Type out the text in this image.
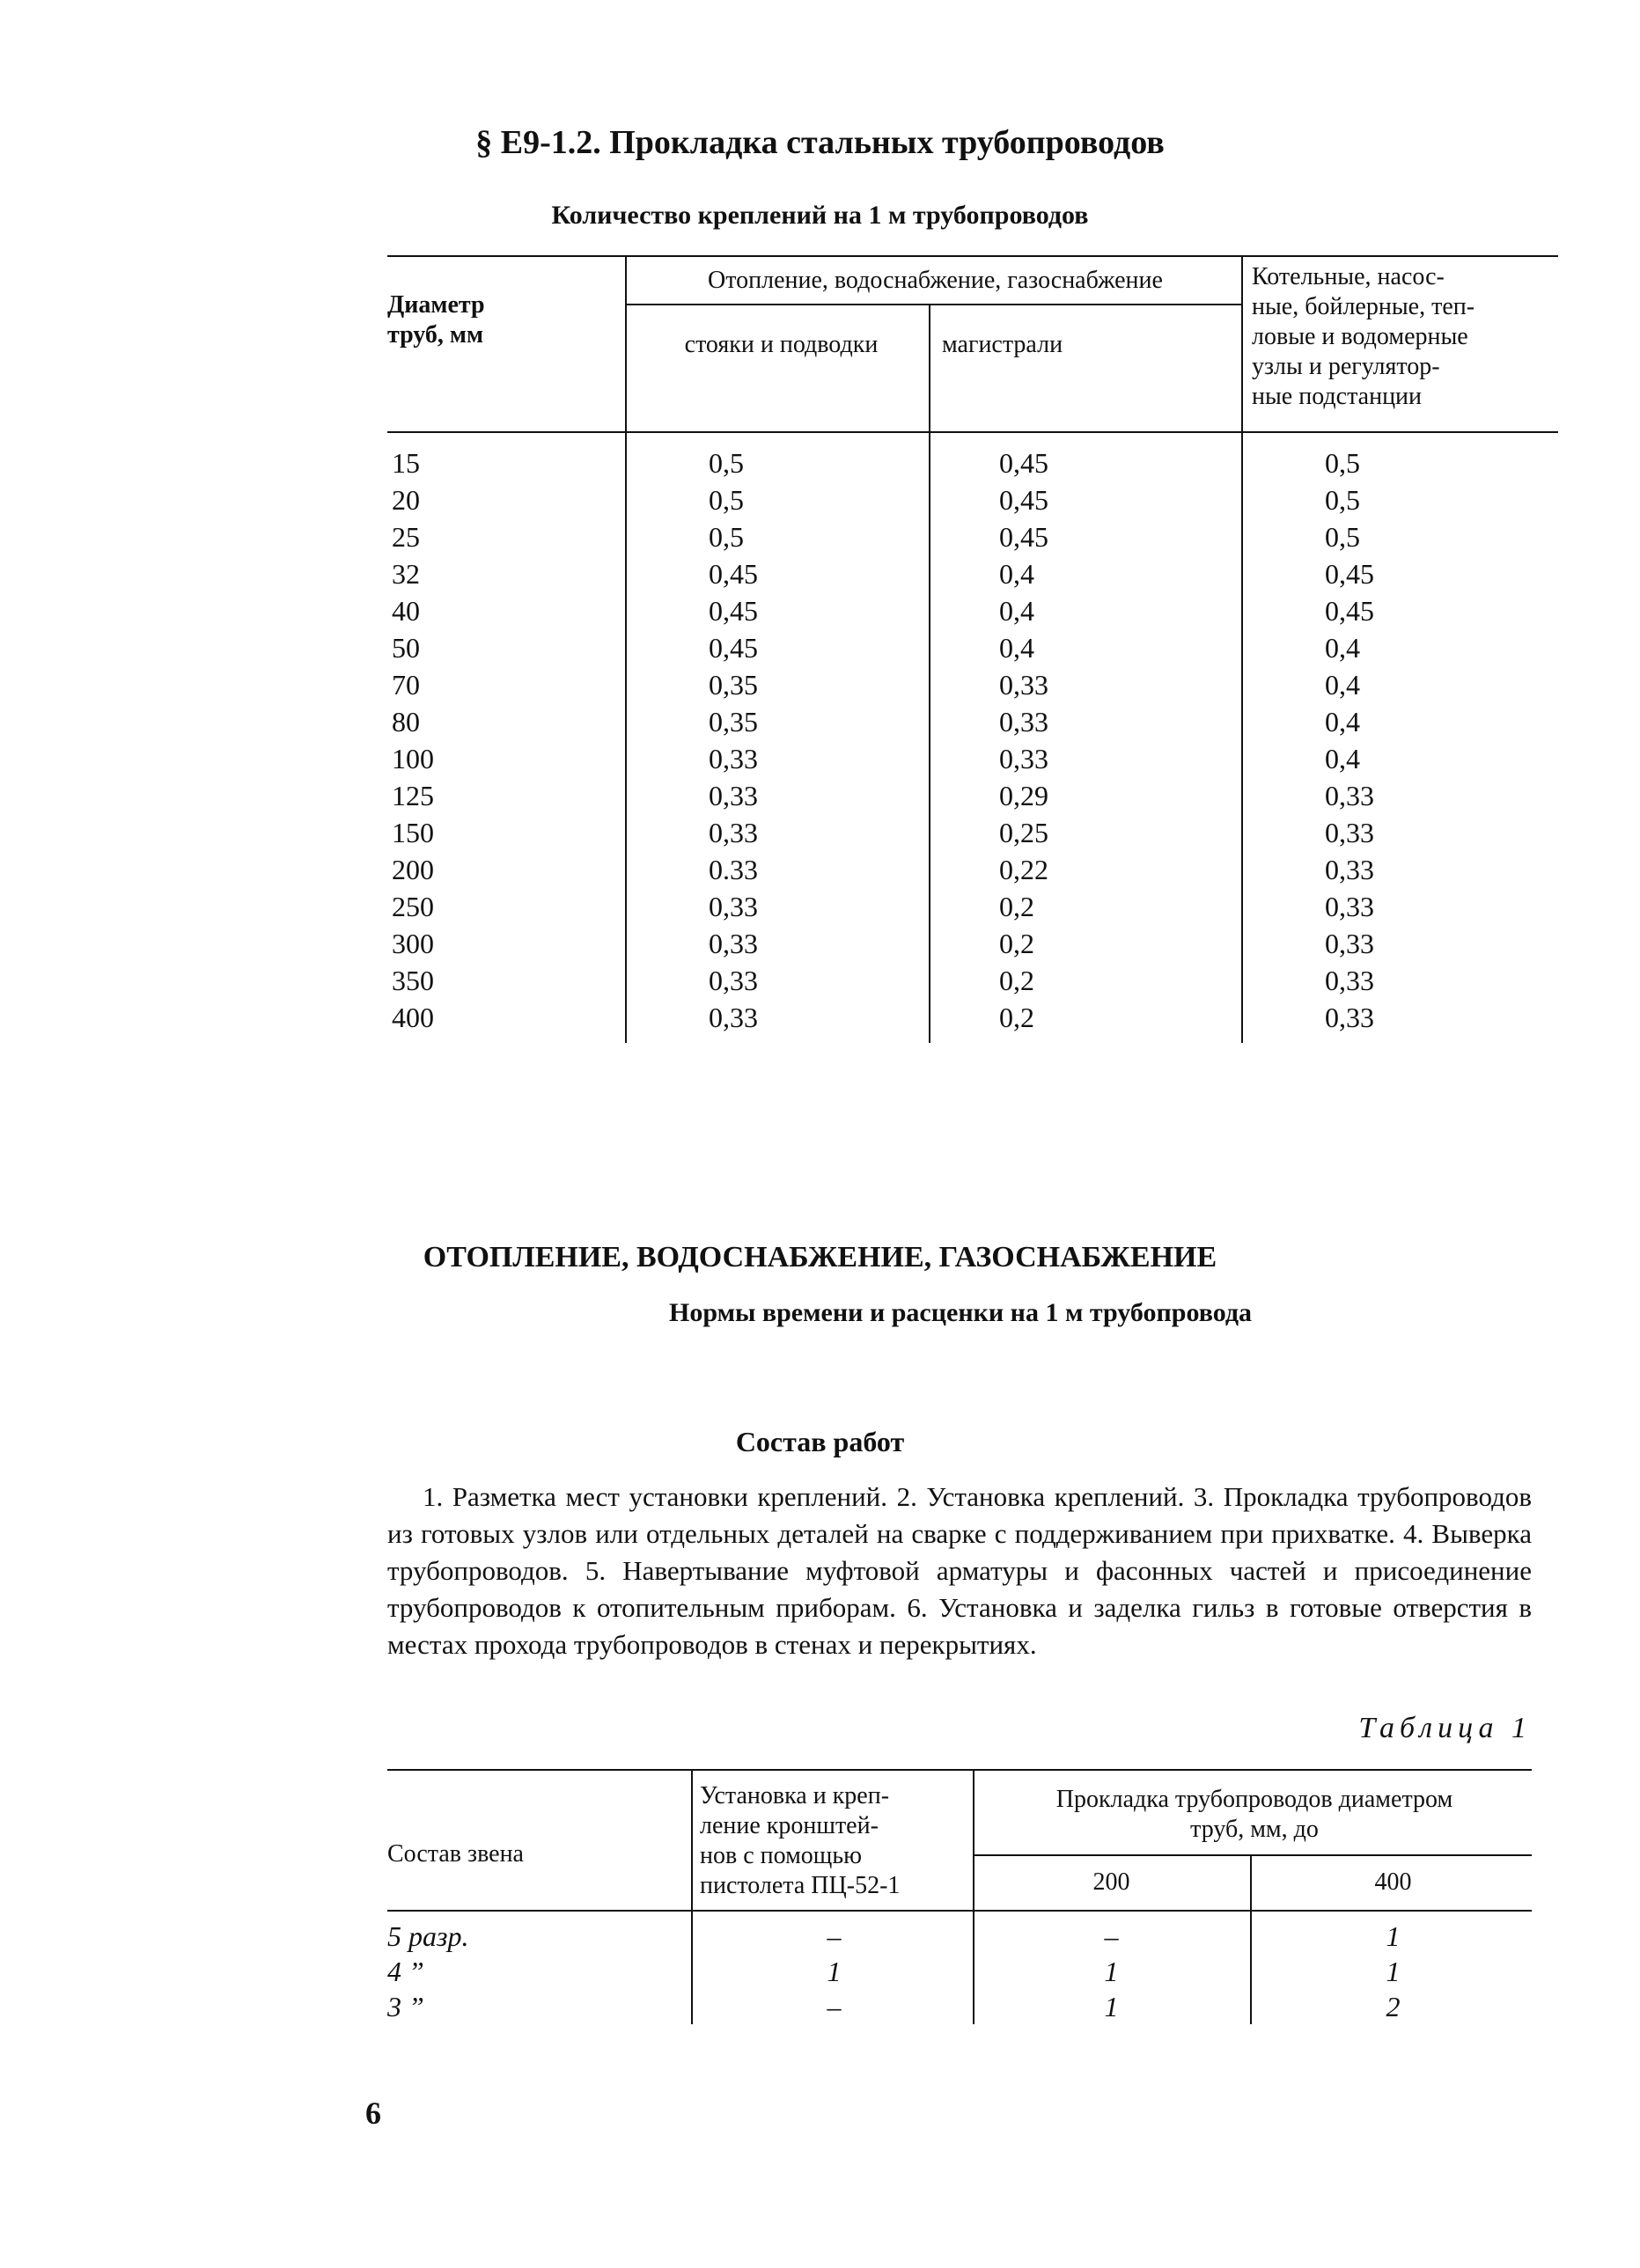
§ Е9-1.2. Прокладка стальных трубопроводов
Количество креплений на 1 м трубопроводов
Диаметр
труб, мм
Отопление, водоснабжение, газоснабжение
стояки и подводки	магистрали
Котельные, насос-
ные, бойлерные, теп-
ловые и водомерные
узлы и регулятор-
ные подстанции
15	0,5	0,45	0,5
20	0,5	0,45	0,5
25	0,5	0,45	0,5
32	0,45	0,4	0,45
40	0,45	0,4	0,45
50	0,45	0,4	0,4
70	0,35	0,33	0,4
80	0,35	0,33	0,4
100	0,33	0,33	0,4
125	0,33	0,29	0,33
150	0,33	0,25	0,33
200	0.33	0,22	0,33
250	0,33	0,2	0,33
300	0,33	0,2	0,33
350	0,33	0,2	0,33
400	0,33	0,2	0,33
ОТОПЛЕНИЕ, ВОДОСНАБЖЕНИЕ, ГАЗОСНАБЖЕНИЕ
Нормы времени и расценки на 1 м трубопровода
Состав работ
1. Разметка мест установки креплений. 2. Установка креплений. 3. Прокладка трубопроводов из готовых узлов или отдельных деталей на сварке с поддерживанием при прихватке. 4. Выверка трубопроводов. 5. Навертывание муфтовой арматуры и фасонных частей и присоединение трубопроводов к отопительным приборам. 6. Установка и заделка гильз в готовые отверстия в местах прохода трубопроводов в стенах и перекрытиях.
Таблица 1
Состав звена
Установка и креп-
ление кронштей-
нов с помощью
пистолета ПЦ-52-1
Прокладка трубопроводов диаметром
труб, мм, до
200	400
5 разр.	–	–	1
4 ”	1	1	1
3 ”	–	1	2
6
